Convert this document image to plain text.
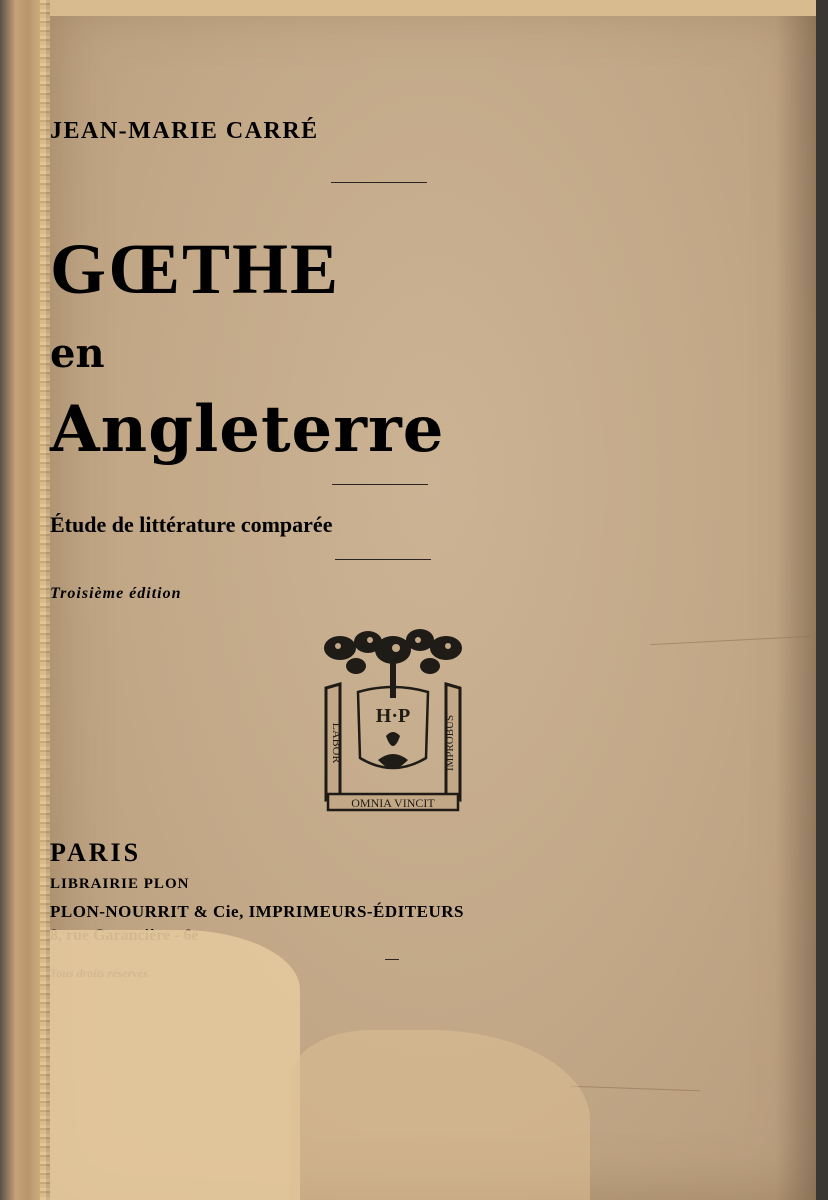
JEAN-MARIE CARRÉ
GŒTHE
en
Angleterre
Étude de littérature comparée
Troisième édition
LABOR	IMPROBUS
H·P
OMNIA VINCIT
PARIS
LIBRAIRIE PLON
PLON-NOURRIT & Cie, IMPRIMEURS-ÉDITEURS
